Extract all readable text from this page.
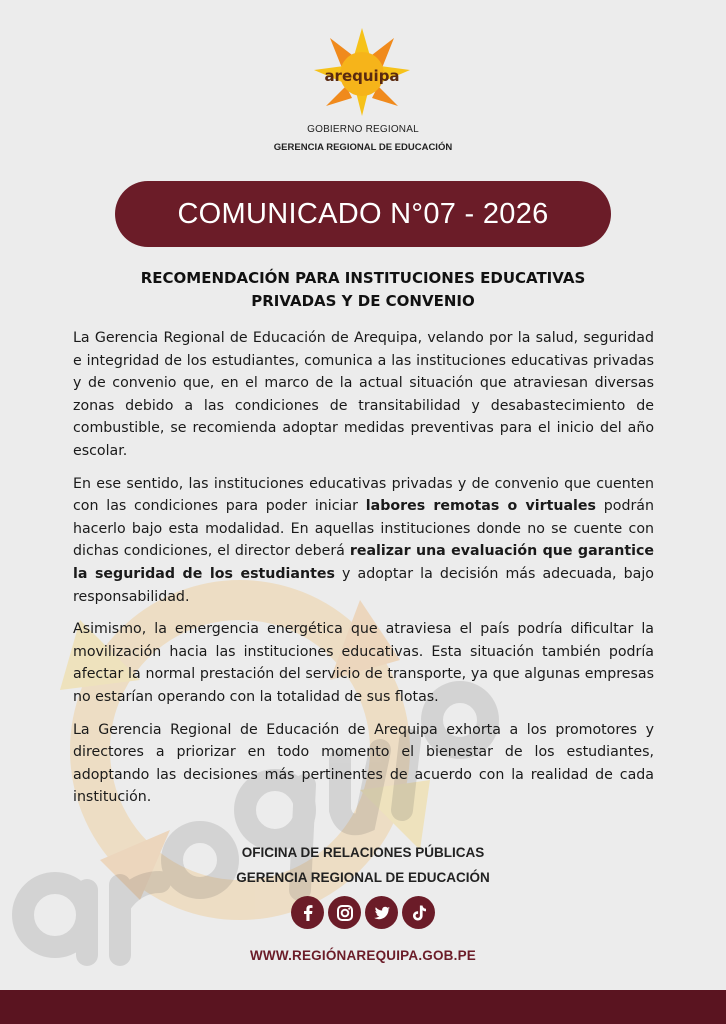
arequipa
GOBIERNO REGIONAL
GERENCIA REGIONAL DE EDUCACIÓN
COMUNICADO N°07 - 2026
RECOMENDACIÓN PARA INSTITUCIONES EDUCATIVAS
PRIVADAS Y DE CONVENIO

La Gerencia Regional de Educación de Arequipa, velando por la salud, seguridad e integridad de los estudiantes, comunica a las instituciones educativas privadas y de convenio que, en el marco de la actual situación que atraviesan diversas zonas debido a las condiciones de transitabilidad y desabastecimiento de combustible, se recomienda adoptar medidas preventivas para el inicio del año escolar.

En ese sentido, las instituciones educativas privadas y de convenio que cuenten con las condiciones para poder iniciar labores remotas o virtuales podrán hacerlo bajo esta modalidad. En aquellas instituciones donde no se cuente con dichas condiciones, el director deberá realizar una evaluación que garantice la seguridad de los estudiantes y adoptar la decisión más adecuada, bajo responsabilidad.

Asimismo, la emergencia energética que atraviesa el país podría dificultar la movilización hacia las instituciones educativas. Esta situación también podría afectar la normal prestación del servicio de transporte, ya que algunas empresas no estarían operando con la totalidad de sus flotas.

La Gerencia Regional de Educación de Arequipa exhorta a los promotores y directores a priorizar en todo momento el bienestar de los estudiantes, adoptando las decisiones más pertinentes de acuerdo con la realidad de cada institución.

OFICINA DE RELACIONES PÚBLICAS
GERENCIA REGIONAL DE EDUCACIÓN
WWW.REGIÓNAREQUIPA.GOB.PE
